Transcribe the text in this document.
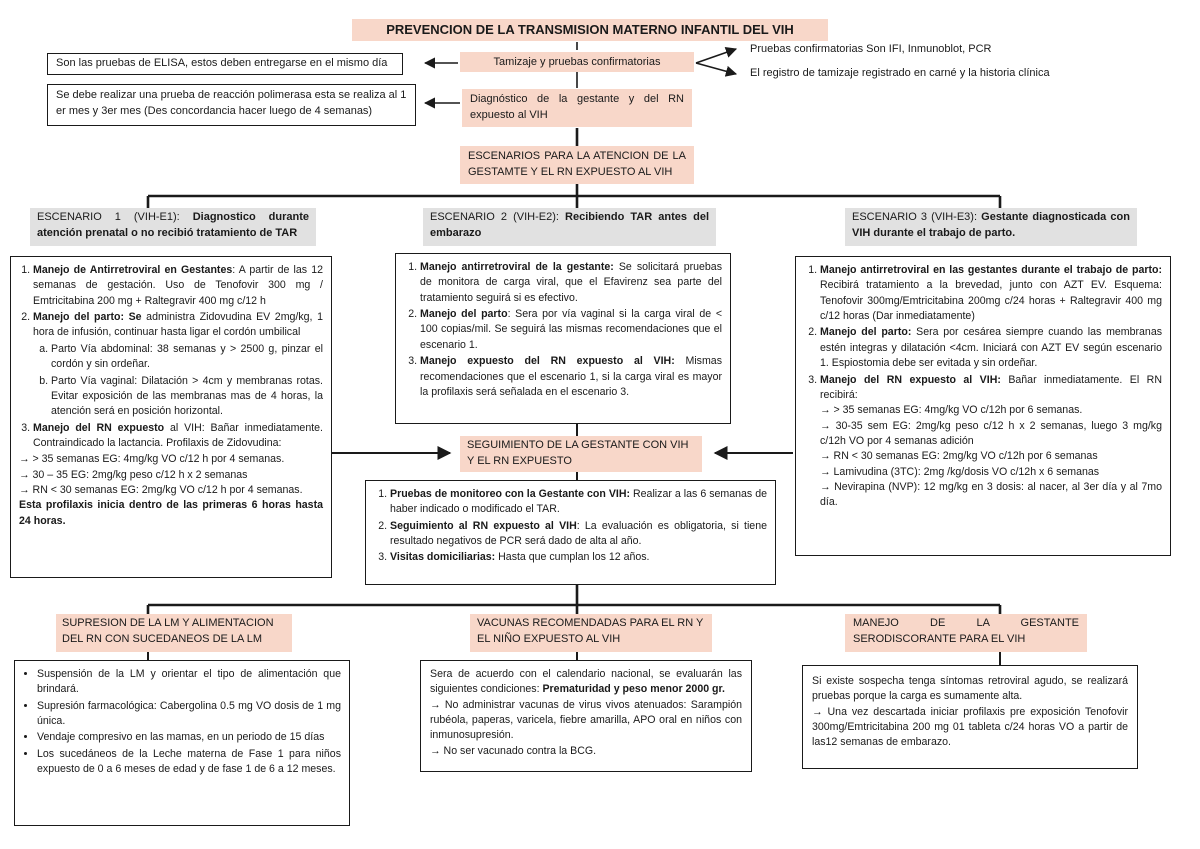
PREVENCION DE LA TRANSMISION MATERNO INFANTIL DEL VIH
Son las pruebas de ELISA, estos deben entregarse en el mismo día	Tamizaje y pruebas confirmatorias
Pruebas confirmatorias Son IFI, Inmunoblot, PCR
El registro de tamizaje registrado en carné y la historia clínica
Se debe realizar una prueba de reacción polimerasa esta se realiza al 1 er mes y 3er mes (Des concordancia hacer luego de 4 semanas)
Diagnóstico de la gestante y del RN expuesto al VIH
ESCENARIOS PARA LA ATENCION DE LA GESTAMTE Y EL RN EXPUESTO AL VIH
ESCENARIO 1 (VIH-E1): Diagnostico durante atención prenatal o no recibió tratamiento de TAR
ESCENARIO 2 (VIH-E2): Recibiendo TAR antes del embarazo
ESCENARIO 3 (VIH-E3): Gestante diagnosticada con VIH durante el trabajo de parto.
1. Manejo de Antirretroviral en Gestantes: A partir de las 12 semanas de gestación. Uso de Tenofovir 300 mg / Emtricitabina 200 mg + Raltegravir 400 mg c/12 h
2. Manejo del parto: Se administra Zidovudina EV 2mg/kg, 1 hora de infusión, continuar hasta ligar el cordón umbilical
a. Parto Vía abdominal: 38 semanas y > 2500 g, pinzar el cordón y sin ordeñar.
b. Parto Vía vaginal: Dilatación > 4cm y membranas rotas. Evitar exposición de las membranas mas de 4 horas, la atención será en posición horizontal.
3. Manejo del RN expuesto al VIH: Bañar inmediatamente. Contraindicado la lactancia. Profilaxis de Zidovudina:
→ > 35 semanas EG: 4mg/kg VO c/12 h por 4 semanas.
→ 30 – 35 EG: 2mg/kg peso c/12 h x 2 semanas
→ RN < 30 semanas EG: 2mg/kg VO c/12 h por 4 semanas.
Esta profilaxis inicia dentro de las primeras 6 horas hasta 24 horas.
1. Manejo antirretroviral de la gestante: Se solicitará pruebas de monitora de carga viral, que el Efavirenz sea parte del tratamiento seguirá si es efectivo.
2. Manejo del parto: Sera por vía vaginal si la carga viral de < 100 copias/mil. Se seguirá las mismas recomendaciones que el escenario 1.
3. Manejo expuesto del RN expuesto al VIH: Mismas recomendaciones que el escenario 1, si la carga viral es mayor la profilaxis será señalada en el escenario 3.
1. Manejo antirretroviral en las gestantes durante el trabajo de parto: Recibirá tratamiento a la brevedad, junto con AZT EV. Esquema: Tenofovir 300mg/Emtricitabina 200mg c/24 horas + Raltegravir 400 mg c/12 horas (Dar inmediatamente)
2. Manejo del parto: Sera por cesárea siempre cuando las membranas estén integras y dilatación <4cm. Iniciará con AZT EV según escenario 1. Espiostomia debe ser evitada y sin ordeñar.
3. Manejo del RN expuesto al VIH: Bañar inmediatamente. El RN recibirá:
→ > 35 semanas EG: 4mg/kg VO c/12h por 6 semanas.
→ 30-35 sem EG: 2mg/kg peso c/12 h x 2 semanas, luego 3 mg/kg c/12h VO por 4 semanas adición
→ RN < 30 semanas EG: 2mg/kg VO c/12h por 6 semanas
→ Lamivudina (3TC): 2mg /kg/dosis VO c/12h x 6 semanas
→ Nevirapina (NVP): 12 mg/kg en 3 dosis: al nacer, al 3er día y al 7mo día.
SEGUIMIENTO DE LA GESTANTE CON VIH Y EL RN EXPUESTO
1. Pruebas de monitoreo con la Gestante con VIH: Realizar a las 6 semanas de haber indicado o modificado el TAR.
2. Seguimiento al RN expuesto al VIH: La evaluación es obligatoria, si tiene resultado negativos de PCR será dado de alta al año.
3. Visitas domiciliarias: Hasta que cumplan los 12 años.
SUPRESION DE LA LM Y ALIMENTACION DEL RN CON SUCEDANEOS DE LA LM
VACUNAS RECOMENDADAS PARA EL RN Y EL NIÑO EXPUESTO AL VIH
MANEJO DE LA GESTANTE SERODISCORANTE PARA EL VIH
• Suspensión de la LM y orientar el tipo de alimentación que brindará.
• Supresión farmacológica: Cabergolina 0.5 mg VO dosis de 1 mg única.
• Vendaje compresivo en las mamas, en un periodo de 15 días
• Los sucedáneos de la Leche materna de Fase 1 para niños expuesto de 0 a 6 meses de edad y de fase 1 de 6 a 12 meses.
Sera de acuerdo con el calendario nacional, se evaluarán las siguientes condiciones: Prematuridad y peso menor 2000 gr.
→ No administrar vacunas de virus vivos atenuados: Sarampión rubéola, paperas, varicela, fiebre amarilla, APO oral en niños con inmunosupresión.
→ No ser vacunado contra la BCG.
Si existe sospecha tenga síntomas retroviral agudo, se realizará pruebas porque la carga es sumamente alta.
→ Una vez descartada iniciar profilaxis pre exposición Tenofovir 300mg/Emtricitabina 200 mg 01 tableta c/24 horas VO a partir de las12 semanas de embarazo.
